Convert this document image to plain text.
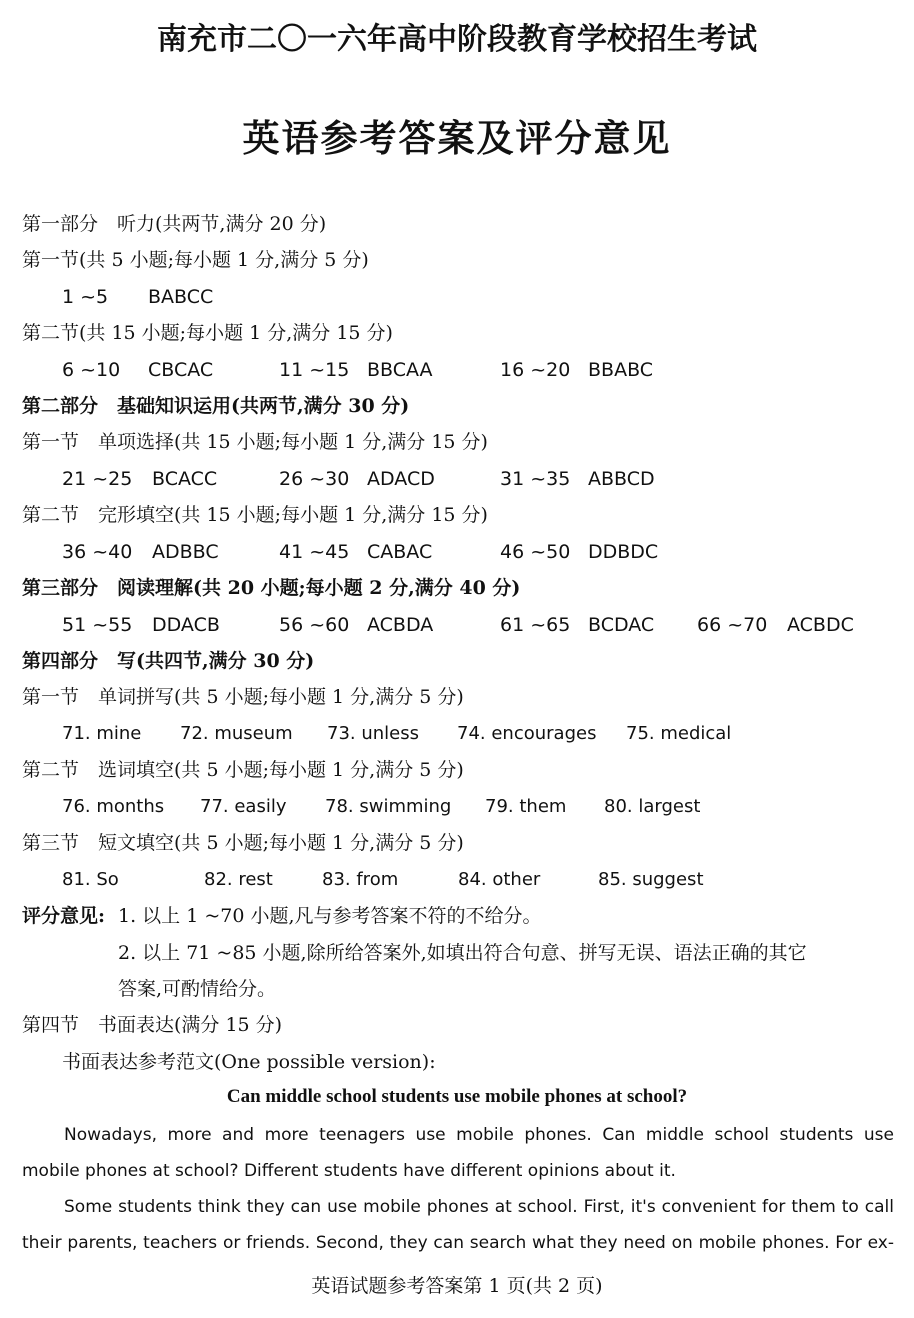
南充市二〇一六年高中阶段教育学校招生考试
英语参考答案及评分意见
第一部分　听力(共两节,满分 20 分)
第一节(共 5 小题;每小题 1 分,满分 5 分)
1 ~5 BABCC
第二节(共 15 小题;每小题 1 分,满分 15 分)
6 ~10 CBCAC	11 ~15 BBCAA	16 ~20 BBABC
第二部分　基础知识运用(共两节,满分 30 分)
第一节　单项选择(共 15 小题;每小题 1 分,满分 15 分)
21 ~25 BCACC	26 ~30 ADACD	31 ~35 ABBCD
第二节　完形填空(共 15 小题;每小题 1 分,满分 15 分)
36 ~40 ADBBC	41 ~45 CABAC	46 ~50 DDBDC
第三部分　阅读理解(共 20 小题;每小题 2 分,满分 40 分)
51 ~55 DDACB	56 ~60 ACBDA	61 ~65 BCDAC 66 ~70 ACBDC
第四部分　写(共四节,满分 30 分)
第一节　单词拼写(共 5 小题;每小题 1 分,满分 5 分)
71. mine 72. museum 73. unless 74. encourages 75. medical
第二节　选词填空(共 5 小题;每小题 1 分,满分 5 分)
76. months 77. easily 78. swimming 79. them 80. largest
第三节　短文填空(共 5 小题;每小题 1 分,满分 5 分)
81. So	82. rest	83. from	84. other	85. suggest
评分意见: 1. 以上 1 ~70 小题,凡与参考答案不符的不给分。
2. 以上 71 ~85 小题,除所给答案外,如填出符合句意、拼写无误、语法正确的其它
答案,可酌情给分。
第四节　书面表达(满分 15 分)
书面表达参考范文(One possible version):
Can middle school students use mobile phones at school?
Nowadays, more and more teenagers use mobile phones. Can middle school students use mobile phones at school? Different students have different opinions about it.
Some students think they can use mobile phones at school. First, it's convenient for them to call their parents, teachers or friends. Second, they can search what they need on mobile phones. For ex-
英语试题参考答案第 1 页(共 2 页)
